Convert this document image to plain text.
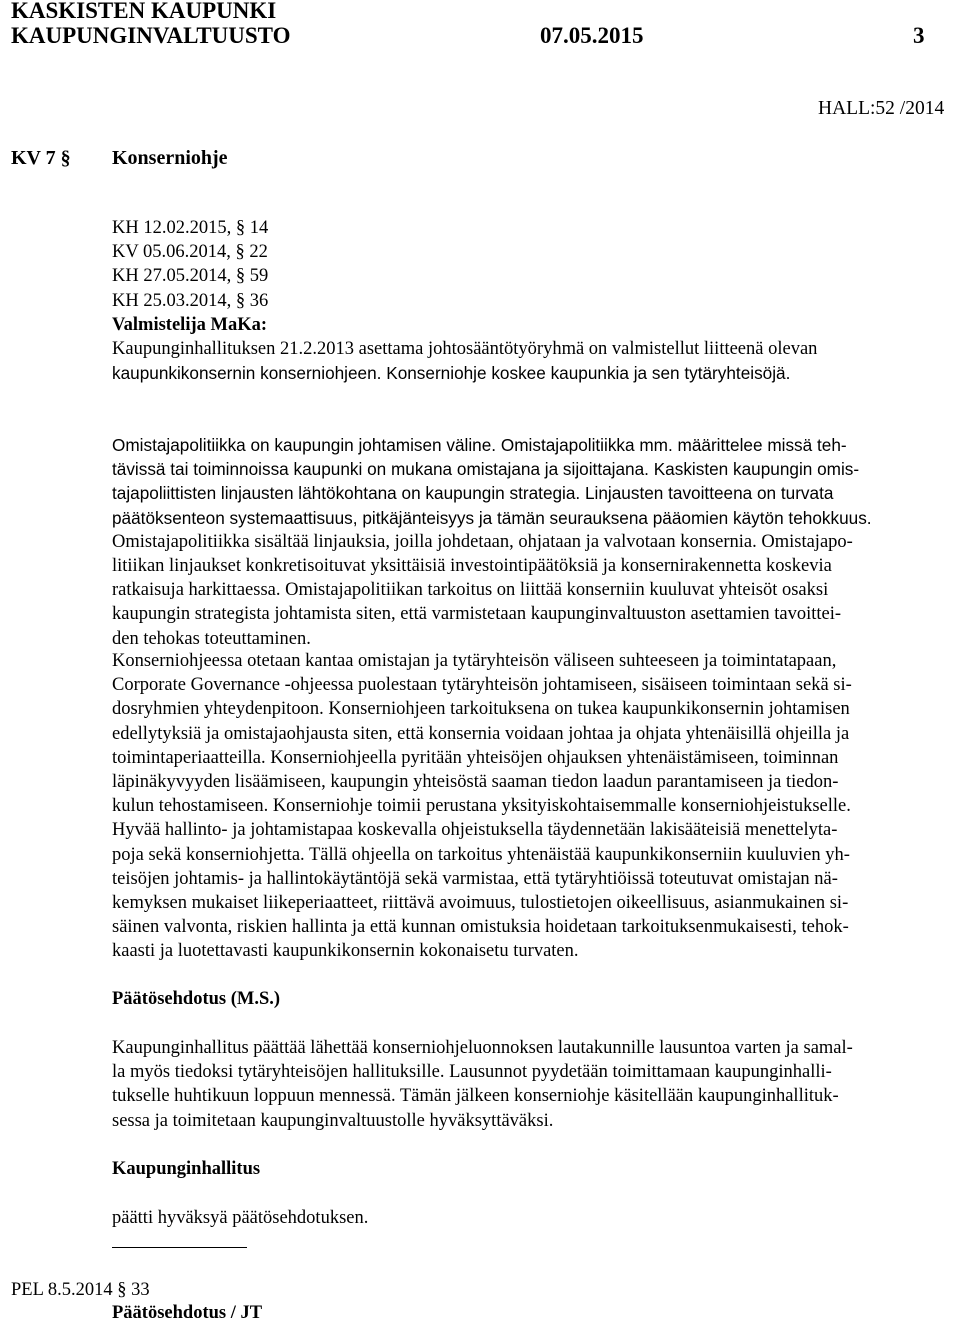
KASKISTEN KAUPUNKI
KAUPUNGINVALTUUSTO	07.05.2015	3
HALL:52 /2014
KV 7 § Konserniohje
KH 12.02.2015, § 14
KV 05.06.2014, § 22
KH 27.05.2014, § 59
KH 25.03.2014, § 36
Valmistelija MaKa:
Kaupunginhallituksen 21.2.2013 asettama johtosääntötyöryhmä on valmistellut liitteenä olevan
kaupunkikonsernin konserniohjeen. Konserniohje koskee kaupunkia ja sen tytäryhteisöjä.
Omistajapolitiikka on kaupungin johtamisen väline. Omistajapolitiikka mm. määrittelee missä teh-
tävissä tai toiminnoissa kaupunki on mukana omistajana ja sijoittajana. Kaskisten kaupungin omis-
tajapoliittisten linjausten lähtökohtana on kaupungin strategia. Linjausten tavoitteena on turvata
päätöksenteon systemaattisuus, pitkäjänteisyys ja tämän seurauksena pääomien käytön tehokkuus.
Omistajapolitiikka sisältää linjauksia, joilla johdetaan, ohjataan ja valvotaan konsernia. Omistajapo-
litiikan linjaukset konkretisoituvat yksittäisiä investointipäätöksiä ja konsernirakennetta koskevia
ratkaisuja harkittaessa. Omistajapolitiikan tarkoitus on liittää konserniin kuuluvat yhteisöt osaksi
kaupungin strategista johtamista siten, että varmistetaan kaupunginvaltuuston asettamien tavoittei-
den tehokas toteuttaminen.
Konserniohjeessa otetaan kantaa omistajan ja tytäryhteisön väliseen suhteeseen ja toimintatapaan,
Corporate Governance -ohjeessa puolestaan tytäryhteisön johtamiseen, sisäiseen toimintaan sekä si-
dosryhmien yhteydenpitoon. Konserniohjeen tarkoituksena on tukea kaupunkikonsernin johtamisen
edellytyksiä ja omistajaohjausta siten, että konsernia voidaan johtaa ja ohjata yhtenäisillä ohjeilla ja
toimintaperiaatteilla. Konserniohjeella pyritään yhteisöjen ohjauksen yhtenäistämiseen, toiminnan
läpinäkyvyyden lisäämiseen, kaupungin yhteisöstä saaman tiedon laadun parantamiseen ja tiedon-
kulun tehostamiseen. Konserniohje toimii perustana yksityiskohtaisemmalle konserniohjeistukselle.
Hyvää hallinto- ja johtamistapaa koskevalla ohjeistuksella täydennetään lakisääteisiä menettelyta-
poja sekä konserniohjetta. Tällä ohjeella on tarkoitus yhtenäistää kaupunkikonserniin kuuluvien yh-
teisöjen johtamis- ja hallintokäytäntöjä sekä varmistaa, että tytäryhtiöissä toteutuvat omistajan nä-
kemyksen mukaiset liikeperiaatteet, riittävä avoimuus, tulostietojen oikeellisuus, asianmukainen si-
säinen valvonta, riskien hallinta ja että kunnan omistuksia hoidetaan tarkoituksenmukaisesti, tehok-
kaasti ja luotettavasti kaupunkikonsernin kokonaisetu turvaten.
Päätösehdotus (M.S.)
Kaupunginhallitus päättää lähettää konserniohjeluonnoksen lautakunnille lausuntoa varten ja samal-
la myös tiedoksi tytäryhteisöjen hallituksille. Lausunnot pyydetään toimittamaan kaupunginhalli-
tukselle huhtikuun loppuun mennessä. Tämän jälkeen konserniohje käsitellään kaupunginhallituk-
sessa ja toimitetaan kaupunginvaltuustolle hyväksyttäväksi.
Kaupunginhallitus
päätti hyväksyä päätösehdotuksen.
PEL 8.5.2014 § 33
Päätösehdotus / JT
